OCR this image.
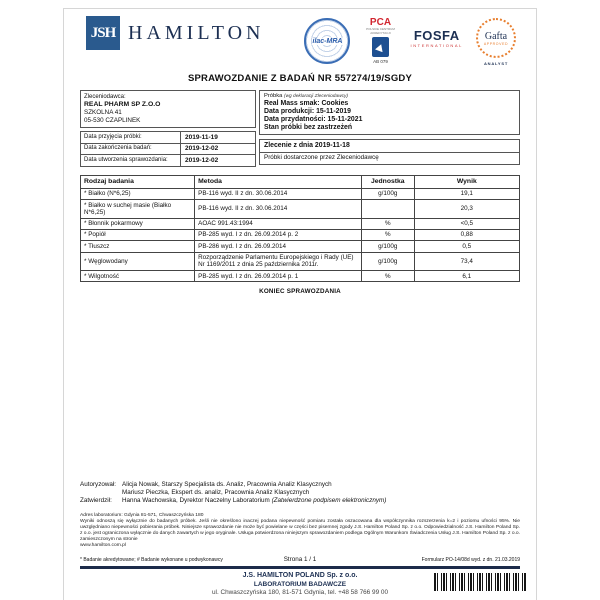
JSH HAMILTON	ilac-MRA
PCA
POLSKIE CENTRUM AKREDYTACJI
AB 079
FOSFA
INTERNATIONAL
Gafta
APPROVED
ANALYST
SPRAWOZDANIE Z BADAŃ NR 557274/19/SGDY
Zleceniodawca:
REAL PHARM SP Z.O.O
SZKOLNA 41
05-530 CZAPLINEK
Data przyjęcia próbki:	2019-11-19
Data zakończenia badań:	2019-12-02
Data utworzenia sprawozdania:	2019-12-02
Próbka (wg deklaracji Zleceniodawcy)
Real Mass smak: Cookies
Data produkcji: 15-11-2019
Data przydatności: 15-11-2021
Stan próbki bez zastrzeżeń
Zlecenie z dnia 2019-11-18
Próbki dostarczone przez Zleceniodawcę
Rodzaj badania	Metoda	Jednostka	Wynik
* Białko (N*6,25)	PB-116 wyd. II z dn. 30.06.2014	g/100g	19,1
* Białko w suchej masie (Białko N*6,25)	PB-116 wyd. II z dn. 30.06.2014		20,3
* Błonnik pokarmowy	AOAC 991.43:1994	%	<0,5
* Popiół	PB-285 wyd. I z dn. 26.09.2014 p. 2	%	0,88
* Tłuszcz	PB-286 wyd. I z dn. 26.09.2014	g/100g	0,5
* Węglowodany	Rozporządzenie Parlamentu Europejskiego i Rady (UE) Nr 1169/2011 z dnia 25 października 2011r.	g/100g	73,4
* Wilgotność	PB-285 wyd. I z dn. 26.09.2014 p. 1	%	6,1
KONIEC SPRAWOZDANIA
Autoryzował: Alicja Nowak, Starszy Specjalista ds. Analiz, Pracownia Analiz Klasycznych
Mariusz Pieczka, Ekspert ds. analiz, Pracownia Analiz Klasycznych
Zatwierdził:	Hanna Wachowska, Dyrektor Naczelny Laboratorium (Zatwierdzone podpisem elektronicznym)
Adres laboratorium: Gdynia 81-571, Chwaszczyńska 180
Wyniki odnoszą się wyłącznie do badanych próbek. Jeśli nie określono inaczej podana niepewność pomiaru została oszacowana dla współczynnika rozszerzenia k=2 i poziomu ufności 95%. Nie uwzględniano niepewności pobierania próbek. Niniejsze sprawozdanie nie może być powielane w części bez pisemnej zgody J.S. Hamilton Poland Sp. z o.o. Odpowiedzialność J.S. Hamilton Poland Sp. z o.o. jest ograniczona wyłącznie do danych zawartych w jego oryginale. Usługa potwierdzona niniejszym sprawozdaniem podlega Ogólnym Warunkom Świadczenia Usług J.S. Hamilton Poland Sp. z o.o. zamieszczonym na stronie
www.hamilton.com.pl
* Badanie akredytowane; # Badanie wykonane u podwykonawcy	Strona 1 / 1	Formularz PO-14/08d wyd. z dn. 21.03.2019
J.S. HAMILTON POLAND Sp. z o.o.
LABORATORIUM BADAWCZE
ul. Chwaszczyńska 180, 81-571 Gdynia, tel. +48 58 766 99 00
